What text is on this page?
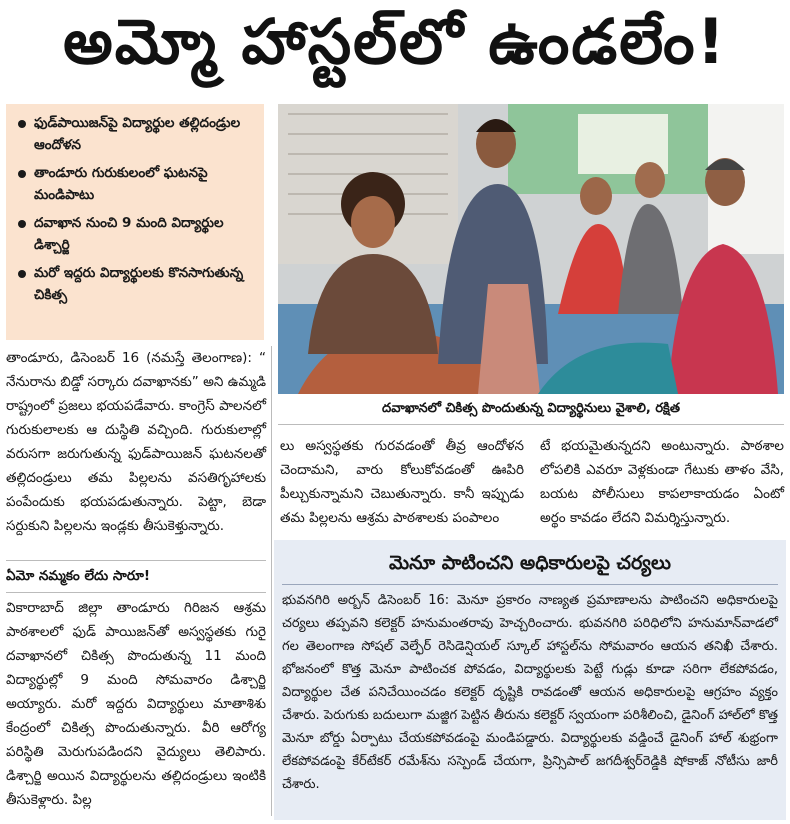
అమ్మో హాస్టల్‌లో ఉండలేం!
ఫుడ్‌పాయిజన్‌పై విద్యార్థుల తల్లిదండ్రుల ఆందోళన
తాండూరు గురుకులంలో ఘటనపై మండిపాటు
దవాఖాన నుంచి 9 మంది విద్యార్థుల డిశ్చార్జి
మరో ఇద్దరు విద్యార్థులకు కొనసాగుతున్న చికిత్స
దవాఖానలో చికిత్స పొందుతున్న విద్యార్థినులు వైశాలి, రక్షిత

తాండూరు, డిసెంబర్‌ 16 (నమస్తే తెలంగాణ): “ నేనురాను బిడ్డో సర్కారు దవాఖానకు” అని ఉమ్మడి రాష్ట్రంలో ప్రజలు భయపడేవారు. కాంగ్రెస్‌ పాలనలో గురుకులాలకు ఆ దుస్థితి వచ్చింది. గురుకులాల్లో వరుసగా జరుగుతున్న ఫుడ్‌పాయిజన్‌ ఘటనలతో తల్లిదండ్రులు తమ పిల్లలను వసతిగృహాలకు పంపేందుకు భయపడుతున్నారు. పెట్టా, బెడా సర్దుకుని పిల్లలను ఇండ్లకు తీసుకెళ్తున్నారు.

ఏమో నమ్మకం లేదు సారూ!

వికారాబాద్‌ జిల్లా తాండూరు గిరిజన ఆశ్రమ పాఠశాలలో ఫుడ్‌ పాయిజన్‌తో అస్వస్థతకు గురై దవాఖానలో చికిత్స పొందుతున్న 11 మంది విద్యార్థుల్లో 9 మంది సోమవారం డిశ్చార్జి అయ్యారు. మరో ఇద్దరు విద్యార్థులు మాతాశిశు కేంద్రంలో చికిత్స పొందుతున్నారు. వీరి ఆరోగ్య పరిస్థితి మెరుగుపడిందని వైద్యులు తెలిపారు. డిశ్చార్జి అయిన విద్యార్థులను తల్లిదండ్రులు ఇంటికి తీసుకెళ్లారు. పిల్ల

లు అస్వస్థతకు గురవడంతో తీవ్ర ఆందోళన చెందామని, వారు కోలుకోవడంతో ఊపిరి పీల్చుకున్నామని చెబుతున్నారు. కానీ ఇప్పుడు తమ పిల్లలను ఆశ్రమ పాఠశాలకు పంపాలం

టే భయమైతున్నదని అంటున్నారు. పాఠశాల లోపలికి ఎవరూ వెళ్లకుండా గేటుకు తాళం వేసి, బయట పోలీసులు కాపలాకాయడం ఏంటో అర్థం కావడం లేదని విమర్శిస్తున్నారు.

మెనూ పాటించని అధికారులపై చర్యలు
భువనగిరి అర్బన్‌ డిసెంబర్‌ 16: మెనూ ప్రకారం నాణ్యత ప్రమాణాలను పాటించని అధికారులపై చర్యలు తప్పవని కలెక్టర్‌ హనుమంతరావు హెచ్చరించారు. భువనగిరి పరిధిలోని హనుమాన్‌వాడలో గల తెలంగాణ సోషల్‌ వెల్ఫేర్‌ రెసిడెన్షియల్‌ స్కూల్‌ హాస్టల్‌ను సోమవారం ఆయన తనిఖీ చేశారు. భోజనంలో కొత్త మెనూ పాటించక పోవడం, విద్యార్థులకు పెట్టే గుడ్లు కూడా సరిగా లేకపోవడం, విద్యార్థుల చేత పనిచేయించడం కలెక్టర్‌ దృష్టికి రావడంతో ఆయన అధికారులపై ఆగ్రహం వ్యక్తం చేశారు. పెరుగుకు బదులుగా మజ్జిగ పెట్టిన తీరును కలెక్టర్‌ స్వయంగా పరిశీలించి, డైనింగ్‌ హాల్‌లో కొత్త మెనూ బోర్డు ఏర్పాటు చేయకపోవడంపై మండిపడ్డారు. విద్యార్థులకు వడ్డించే డైనింగ్‌ హాల్‌ శుభ్రంగా లేకపోవడంపై కేర్‌టేకర్‌ రమేశ్‌ను సస్పెండ్‌ చేయగా, ప్రిన్సిపాల్‌ జగదీశ్వర్‌రెడ్డికి షోకాజ్‌ నోటీసు జారీ చేశారు.
